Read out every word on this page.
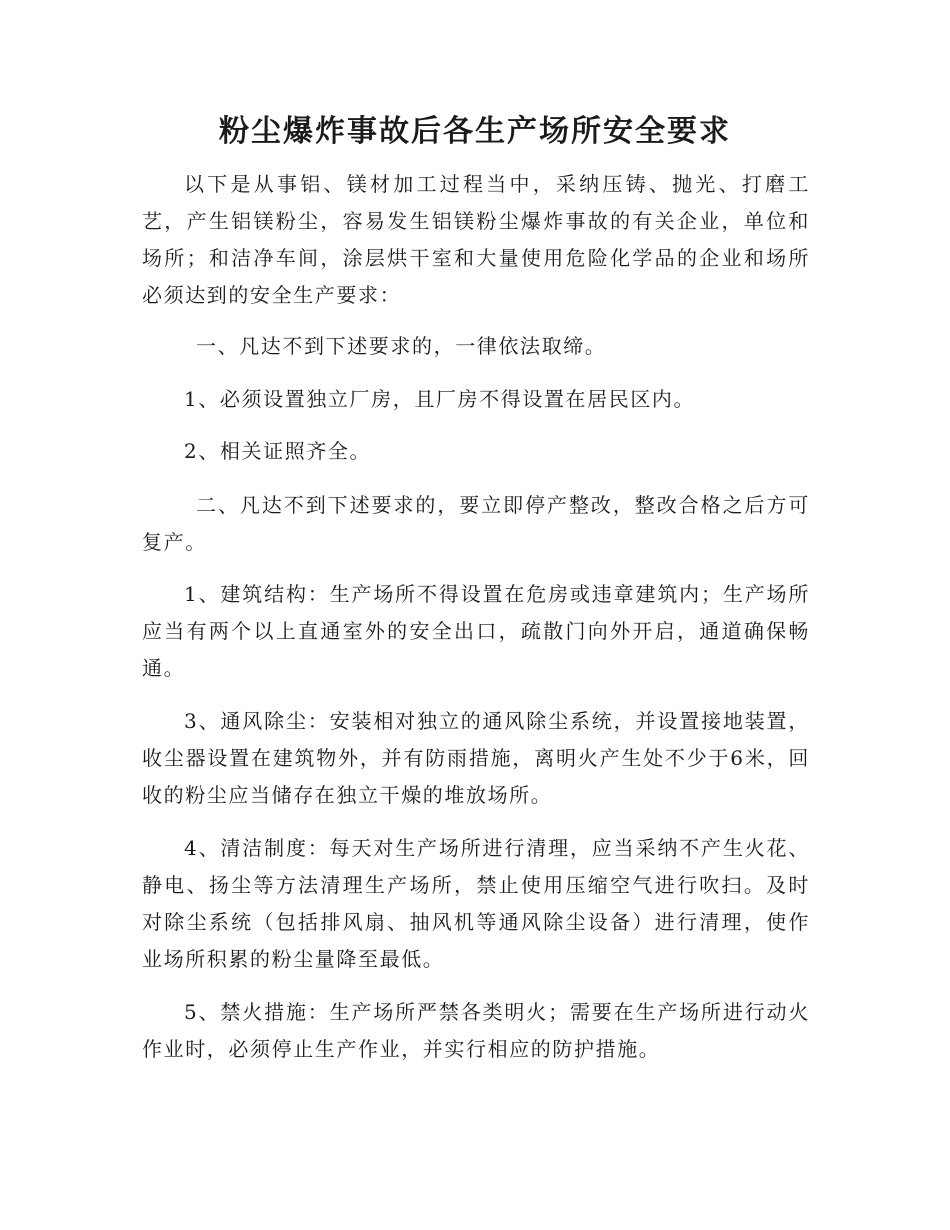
粉尘爆炸事故后各生产场所安全要求

以下是从事铝、镁材加工过程当中，采纳压铸、抛光、打磨工艺，产生铝镁粉尘，容易发生铝镁粉尘爆炸事故的有关企业，单位和场所；和洁净车间，涂层烘干室和大量使用危险化学品的企业和场所必须达到的安全生产要求：

一、凡达不到下述要求的，一律依法取缔。

1、必须设置独立厂房，且厂房不得设置在居民区内。

2、相关证照齐全。

二、凡达不到下述要求的，要立即停产整改，整改合格之后方可复产。

1、建筑结构：生产场所不得设置在危房或违章建筑内；生产场所应当有两个以上直通室外的安全出口，疏散门向外开启，通道确保畅通。

3、通风除尘：安装相对独立的通风除尘系统，并设置接地装置，收尘器设置在建筑物外，并有防雨措施，离明火产生处不少于6米，回收的粉尘应当储存在独立干燥的堆放场所。

4、清洁制度：每天对生产场所进行清理，应当采纳不产生火花、静电、扬尘等方法清理生产场所，禁止使用压缩空气进行吹扫。及时对除尘系统（包括排风扇、抽风机等通风除尘设备）进行清理，使作业场所积累的粉尘量降至最低。

5、禁火措施：生产场所严禁各类明火；需要在生产场所进行动火作业时，必须停止生产作业，并实行相应的防护措施。
